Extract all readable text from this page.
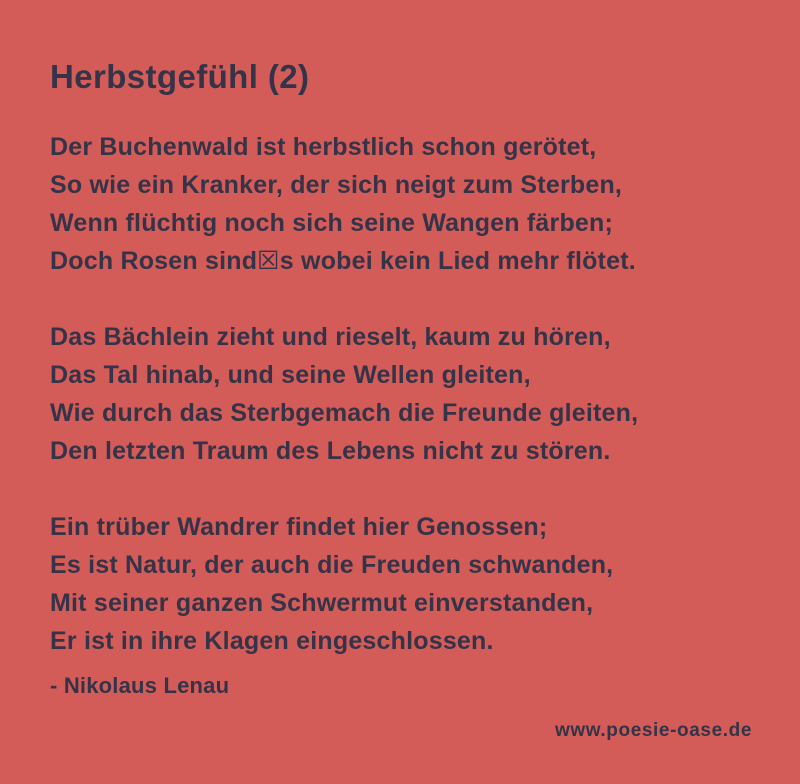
Herbstgefühl (2)

Der Buchenwald ist herbstlich schon gerötet,

So wie ein Kranker, der sich neigt zum Sterben,

Wenn flüchtig noch sich seine Wangen färben;

Doch Rosen sind☒s wobei kein Lied mehr flötet.

Das Bächlein zieht und rieselt, kaum zu hören,

Das Tal hinab, und seine Wellen gleiten,

Wie durch das Sterbgemach die Freunde gleiten,

Den letzten Traum des Lebens nicht zu stören.

Ein trüber Wandrer findet hier Genossen;

Es ist Natur, der auch die Freuden schwanden,

Mit seiner ganzen Schwermut einverstanden,

Er ist in ihre Klagen eingeschlossen.

- Nikolaus Lenau

www.poesie-oase.de
